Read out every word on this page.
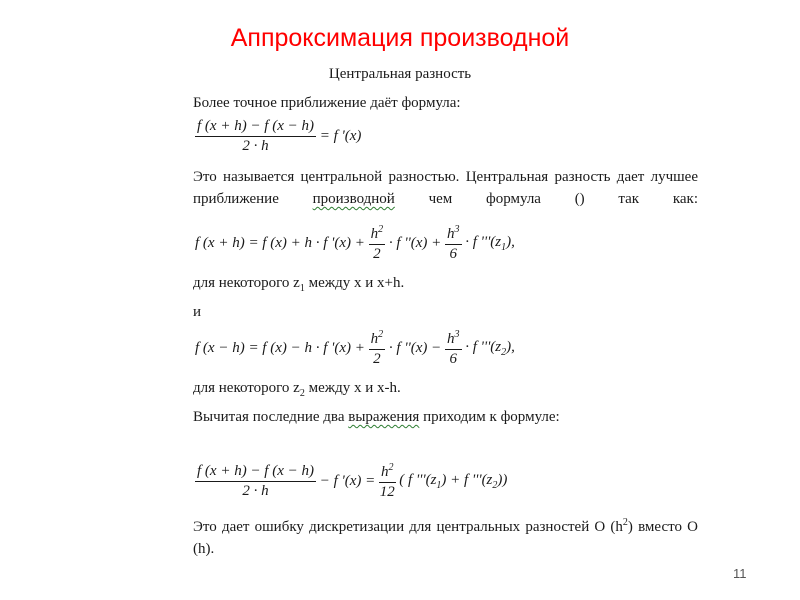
Аппроксимация производной
Центральная разность
Более точное приближение даёт формула:
$\frac{f (x + h) - f (x - h)}{2 \cdot h} = f$ '(x)
Это называется центральной разностью. Центральная разность дает лучшее приближение производной чем формула () так как:
f (x + h) = f (x) + h · f '$(x) + \frac{h^2}{2} \cdot f$ ''$(x) + \frac{h^3}{6} \cdot f$ '''$(z_1)$,
для некоторого $z_1$ между x и x+h.
и
f (x − h) = f (x) − h · f '$(x) + \frac{h^2}{2} \cdot f$ ''$(x) - \frac{h^3}{6} \cdot f$ '''$(z_2)$,
для некоторого $z_2$ между x и x-h.
Вычитая последние два выражения приходим к формуле:
$\frac{f (x + h) - f (x - h)}{2 \cdot h} - f$ '$(x) = \frac{h^2}{12}$ ( f '''$(z_1) + f$ '''$(z_2)$)
Это дает ошибку дискретизации для центральных разностей О $(h^2)$ вместо О (h).
11
